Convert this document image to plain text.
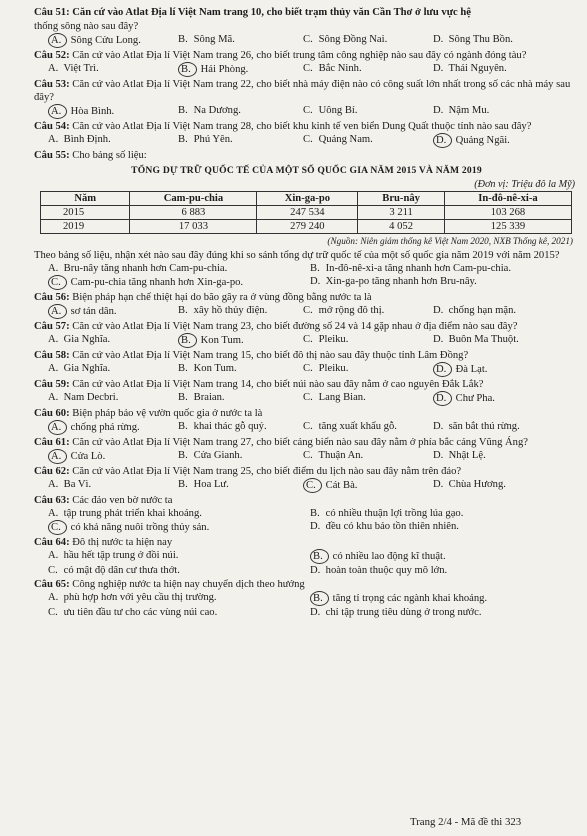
Câu 51: Căn cứ vào Atlat Địa lí Việt Nam trang 10, cho biết trạm thủy văn Cần Thơ ở lưu vực hệ
thống sông nào sau đây?
A. Sông Cửu Long.	B. Sông Mã.	C. Sông Đồng Nai.	D. Sông Thu Bồn.
Câu 52: Căn cứ vào Atlat Địa lí Việt Nam trang 26, cho biết trung tâm công nghiệp nào sau đây có ngành đóng tàu?
A. Việt Trì.	B. Hải Phòng.	C. Bắc Ninh.	D. Thái Nguyên.
Câu 53: Căn cứ vào Atlat Địa lí Việt Nam trang 22, cho biết nhà máy điện nào có công suất lớn nhất trong số các nhà máy sau đây?
A. Hòa Bình.	B. Na Dương.	C. Uông Bí.	D. Nậm Mu.
Câu 54: Căn cứ vào Atlat Địa lí Việt Nam trang 28, cho biết khu kinh tế ven biển Dung Quất thuộc tỉnh nào sau đây?
A. Bình Định.	B. Phú Yên.	C. Quảng Nam.	D. Quảng Ngãi.
Câu 55: Cho bảng số liệu:
TỔNG DỰ TRỮ QUỐC TẾ CỦA MỘT SỐ QUỐC GIA NĂM 2015 VÀ NĂM 2019
(Đơn vị: Triệu đô la Mỹ)
Năm	Cam-pu-chia	Xin-ga-po	Bru-nây	In-đô-nê-xi-a
2015	6 883	247 534	3 211	103 268
2019	17 033	279 240	4 052	125 339
(Nguồn: Niên giám thống kê Việt Nam 2020, NXB Thống kê, 2021)
Theo bảng số liệu, nhận xét nào sau đây đúng khi so sánh tổng dự trữ quốc tế của một số quốc gia năm 2019 với năm 2015?
A. Bru-nây tăng nhanh hơn Cam-pu-chia.	B. In-đô-nê-xi-a tăng nhanh hơn Cam-pu-chia.
C. Cam-pu-chia tăng nhanh hơn Xin-ga-po.	D. Xin-ga-po tăng nhanh hơn Bru-nây.
Câu 56: Biện pháp hạn chế thiệt hại do bão gây ra ở vùng đồng bằng nước ta là
A. sơ tán dân.	B. xây hồ thủy điện.	C. mở rộng đô thị.	D. chống hạn mặn.
Câu 57: Căn cứ vào Atlat Địa lí Việt Nam trang 23, cho biết đường số 24 và 14 gặp nhau ở địa điểm nào sau đây?
A. Gia Nghĩa.	B. Kon Tum.	C. Pleiku.	D. Buôn Ma Thuột.
Câu 58: Căn cứ vào Atlat Địa lí Việt Nam trang 15, cho biết đô thị nào sau đây thuộc tỉnh Lâm Đồng?
A. Gia Nghĩa.	B. Kon Tum.	C. Pleiku.	D. Đà Lạt.
Câu 59: Căn cứ vào Atlat Địa lí Việt Nam trang 14, cho biết núi nào sau đây nằm ở cao nguyên Đắk Lắk?
A. Nam Decbri.	B. Braian.	C. Lang Bian.	D. Chư Pha.
Câu 60: Biện pháp bảo vệ vườn quốc gia ở nước ta là
A. chống phá rừng.	B. khai thác gỗ quý.	C. tăng xuất khẩu gỗ.	D. săn bắt thú rừng.
Câu 61: Căn cứ vào Atlat Địa lí Việt Nam trang 27, cho biết cảng biển nào sau đây nằm ở phía bắc cảng Vũng Áng?
A. Cửa Lò.	B. Cửa Gianh.	C. Thuận An.	D. Nhật Lệ.
Câu 62: Căn cứ vào Atlat Địa lí Việt Nam trang 25, cho biết điểm du lịch nào sau đây nằm trên đảo?
A. Ba Vì.	B. Hoa Lư.	C. Cát Bà.	D. Chùa Hương.
Câu 63: Các đảo ven bờ nước ta
A. tập trung phát triển khai khoáng.	B. có nhiều thuận lợi trồng lúa gạo.
C. có khả năng nuôi trồng thủy sản.	D. đều có khu bảo tồn thiên nhiên.
Câu 64: Đô thị nước ta hiện nay
A. hầu hết tập trung ở đồi núi.	B. có nhiều lao động kĩ thuật.
C. có mật độ dân cư thưa thớt.	D. hoàn toàn thuộc quy mô lớn.
Câu 65: Công nghiệp nước ta hiện nay chuyển dịch theo hướng
A. phù hợp hơn với yêu cầu thị trường.	B. tăng tỉ trọng các ngành khai khoáng.
C. ưu tiên đầu tư cho các vùng núi cao.	D. chỉ tập trung tiêu dùng ở trong nước.
Trang 2/4 - Mã đề thi 323
